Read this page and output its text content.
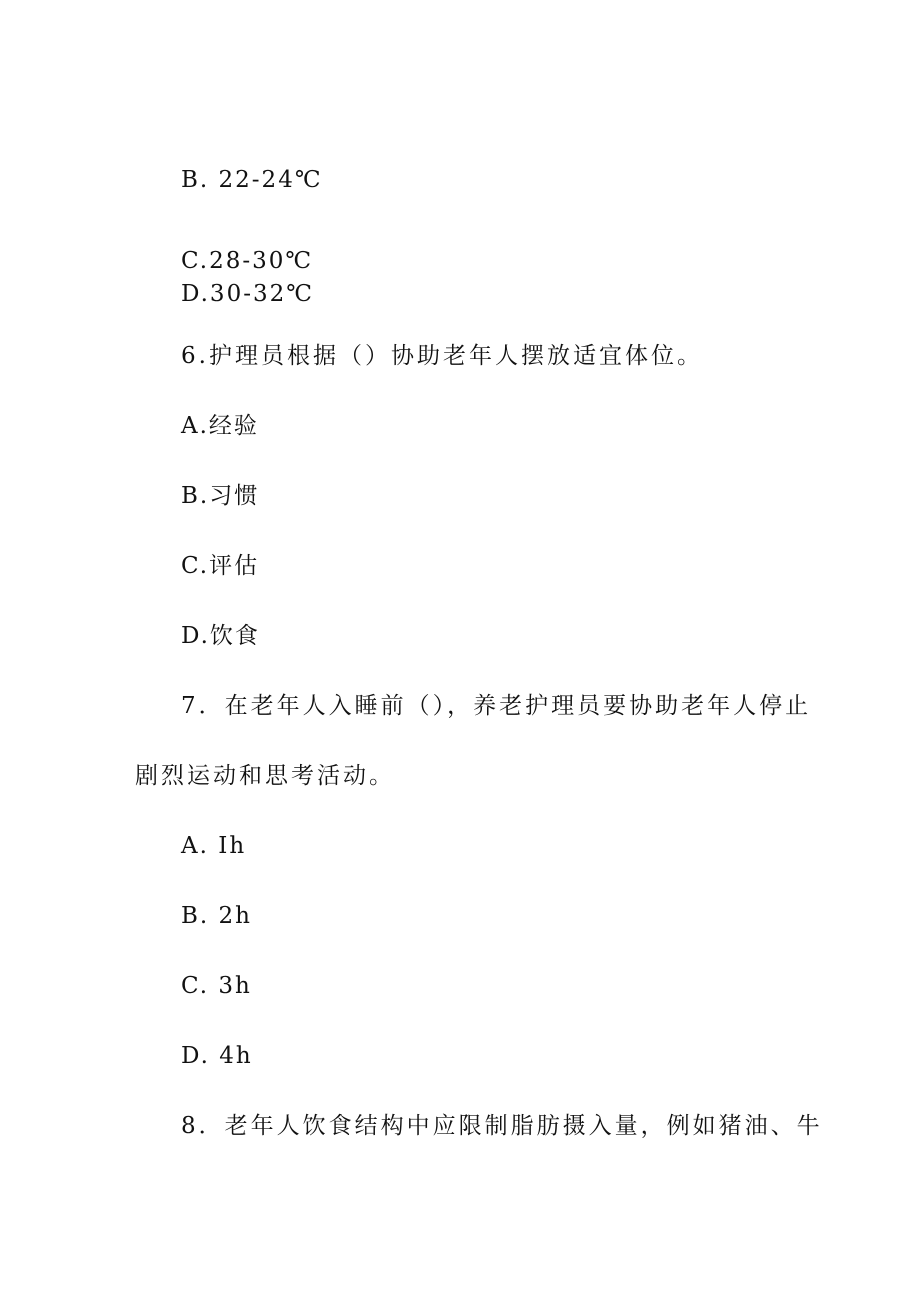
B. 22-24℃
C.28-30℃
D.30-32℃
6.护理员根据（）协助老年人摆放适宜体位。
A.经验
B.习惯
C.评估
D.饮食
7．在老年人入睡前（），养老护理员要协助老年人停止
剧烈运动和思考活动。
A. Ih
B. 2h
C. 3h
D. 4h
8．老年人饮食结构中应限制脂肪摄入量，例如猪油、牛
